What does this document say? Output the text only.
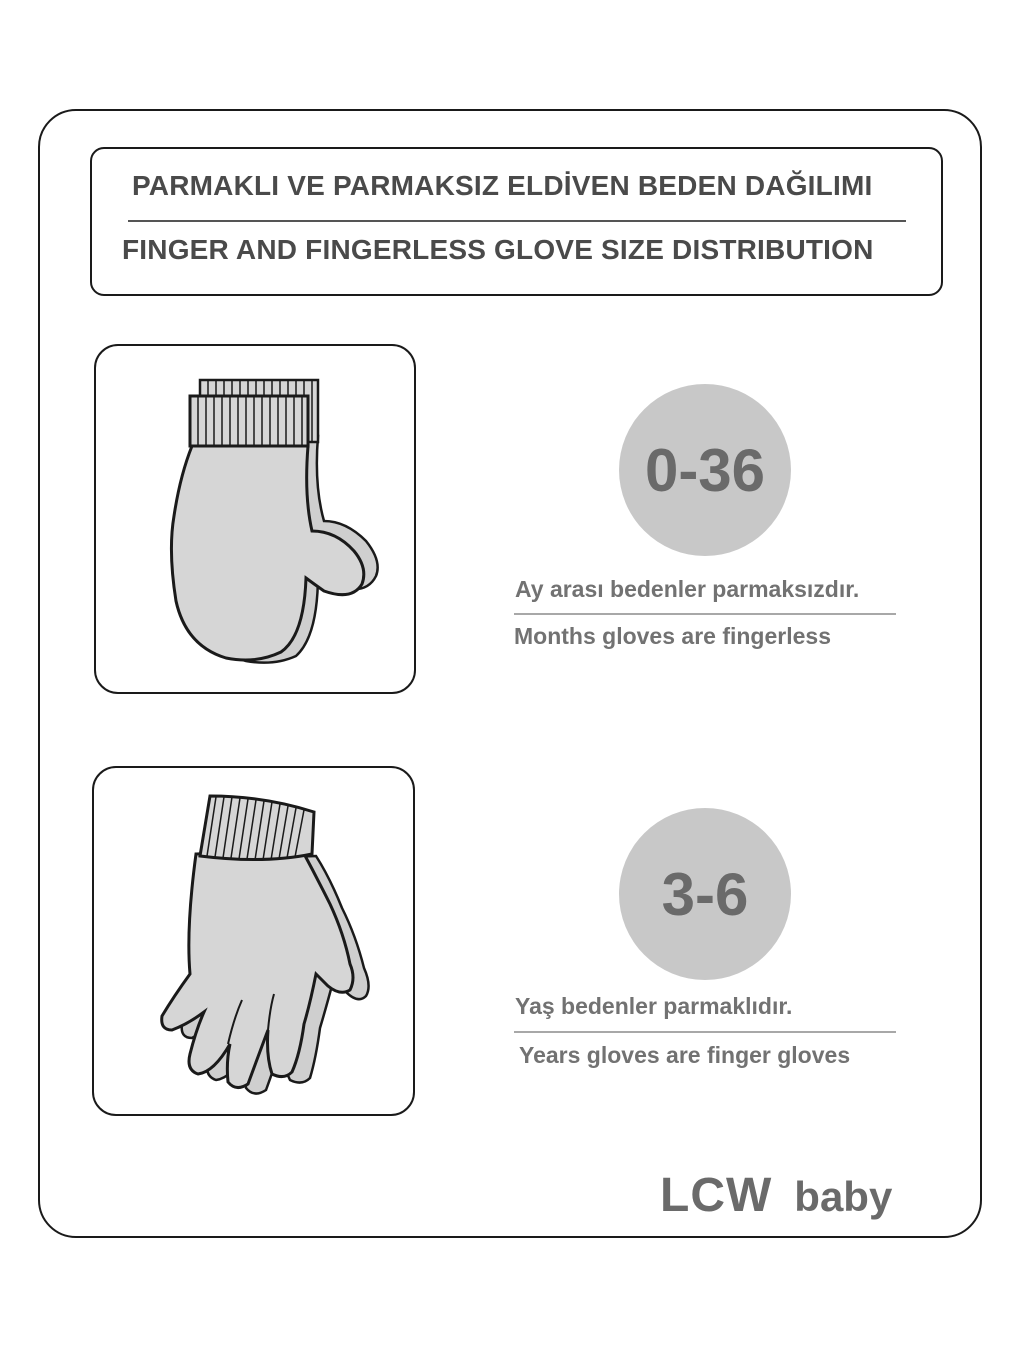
PARMAKLI VE PARMAKSIZ ELDİVEN BEDEN DAĞILIMI
FINGER AND FINGERLESS GLOVE SIZE DISTRIBUTION
0-36
Ay arası bedenler parmaksızdır.
Months gloves are fingerless
3-6
Yaş bedenler parmaklıdır.
Years gloves are finger gloves
LCW baby
